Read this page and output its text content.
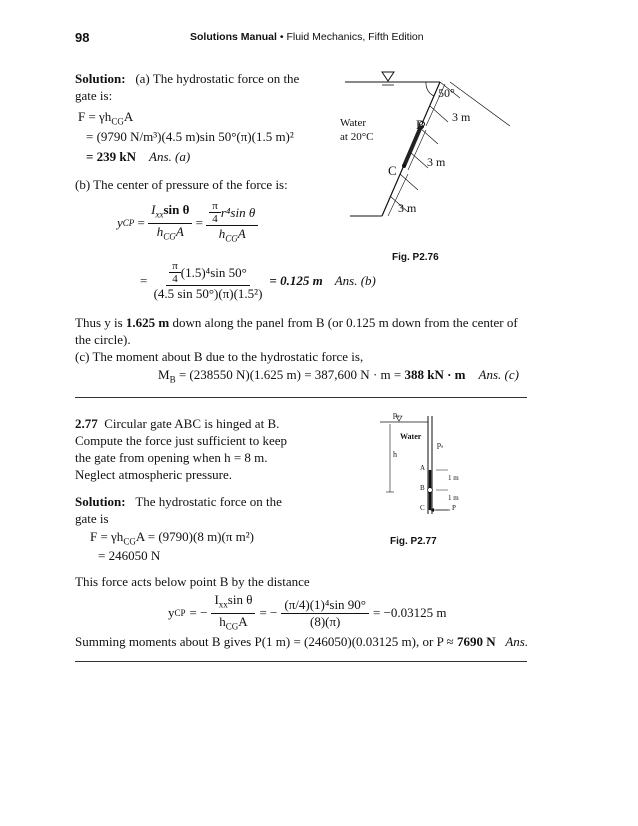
98	Solutions Manual • Fluid Mechanics, Fifth Edition
Solution: (a) The hydrostatic force on the
gate is:
$F = \gamma h_{CG}A$
= (9790 N/m³)(4.5 m)sin 50°(π)(1.5 m)²
= 239 kN Ans. (a)
(b) The center of pressure of the force is:
y CP = $\frac{I_{xx}\sin \theta}{h_{CG}A} = \frac{\frac{\pi}{4} r^4\sin \theta}{h_{CG}A}$
= $\frac{\frac{\pi}{4} (1.5)^4\sin 50^\circ}{\text{(4.5 sin 50°)(π)(1.5²)}} = 0.125$ m Ans. (b)
Thus y is 1.625 m down along the panel from B (or 0.125 m down from the center of
the circle).
(c) The moment about B due to the hydrostatic force is,
$M_B = (238550$ N)(1.625 m) = 387,600 N · m = 388 kN · m Ans. (c)
50°
Water
at 20°C
B
C
3 m
3 m
3 m
Fig. P2.76
2.77 Circular gate ABC is hinged at B.
Compute the force just sufficient to keep
the gate from opening when h = 8 m.
Neglect atmospheric pressure.
Solution: The hydrostatic force on the
gate is
$F = \gamma h_{CG}A = (9790)(8$ m)(π m²)
= 246050 N
This force acts below point B by the distance
y CP = − $\frac{I_{xx}\sin \theta}{h_{CG}A}$ = − $\frac{\text{(π/4)(1)⁴sin 90°}}{(8)(\pi)} = -0.03125$ m
Summing moments about B gives P(1 m) = (246050)(0.03125 m), or P ≈ 7690 N Ans.
pₐ
Water
pₐ
h
A
B
C
1 m
1 m
P
Fig. P2.77
